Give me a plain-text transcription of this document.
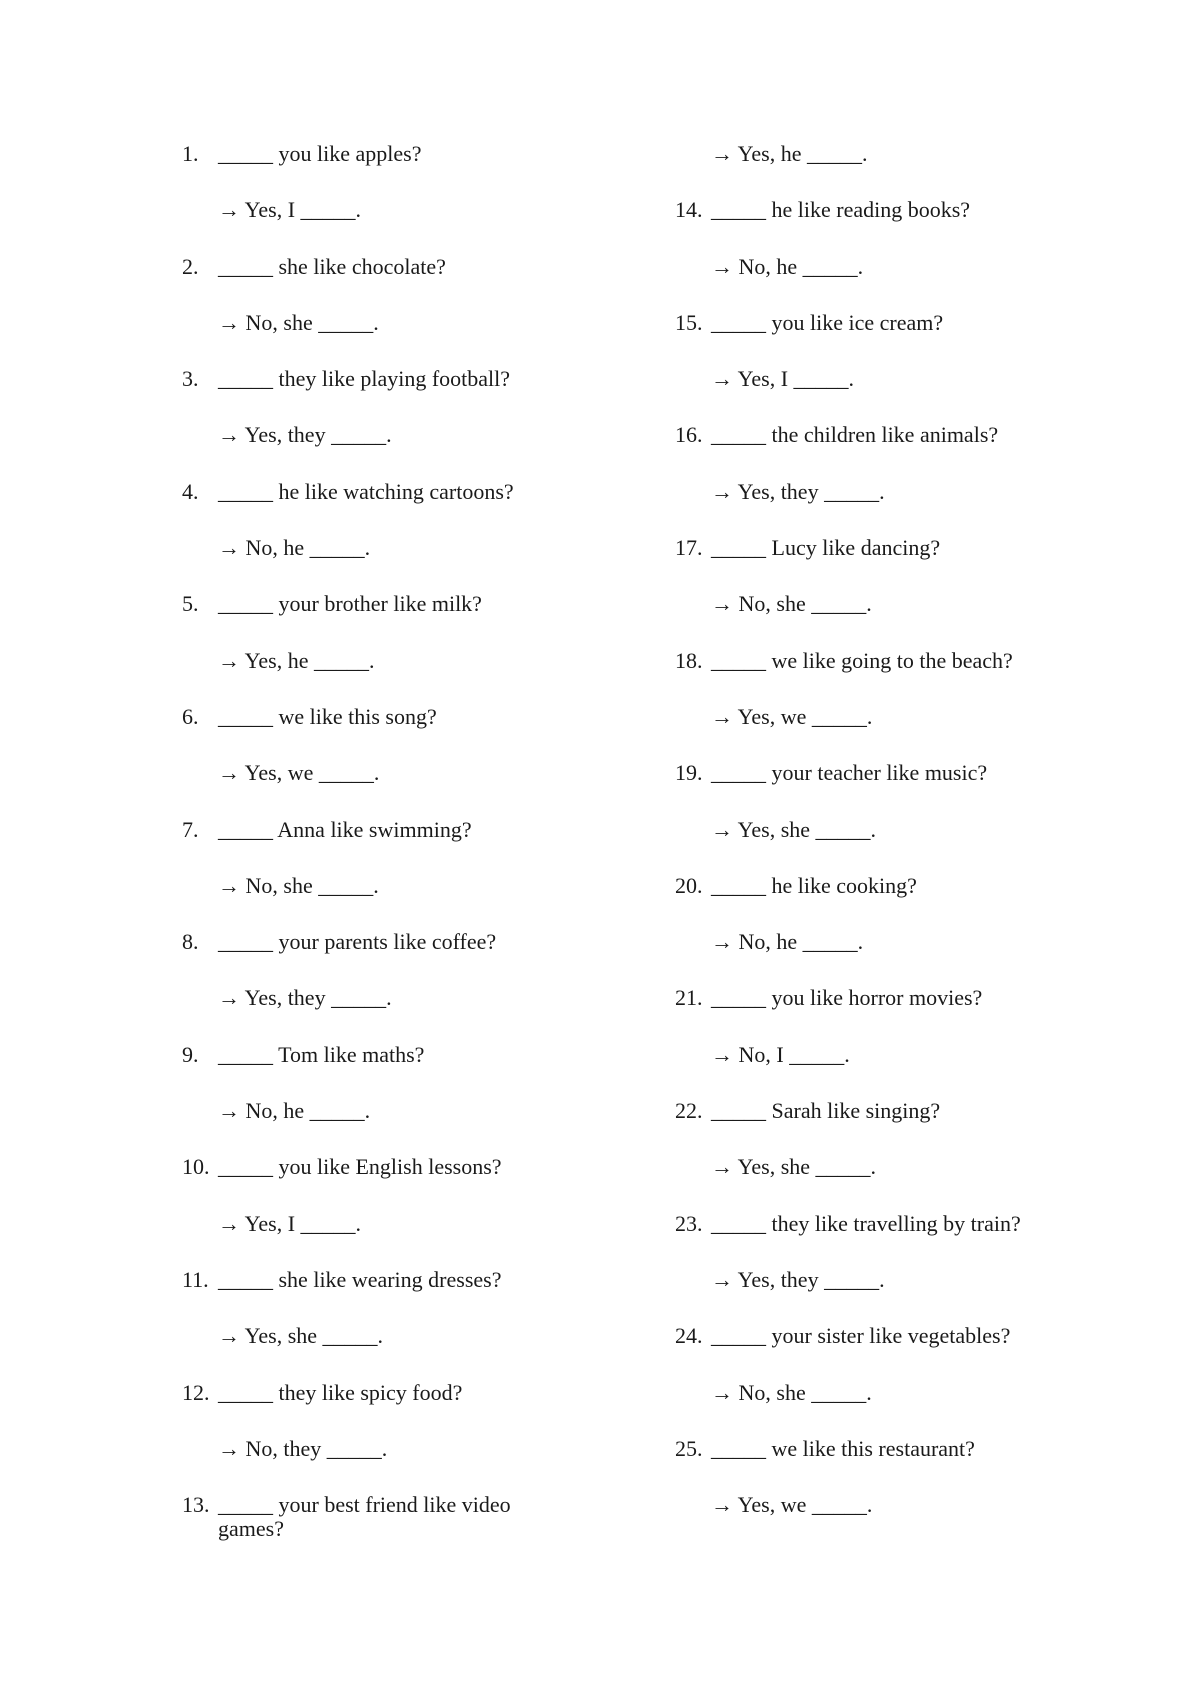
1. _____ you like apples?
→ Yes, I _____.
2. _____ she like chocolate?
→ No, she _____.
3. _____ they like playing football?
→ Yes, they _____.
4. _____ he like watching cartoons?
→ No, he _____.
5. _____ your brother like milk?
→ Yes, he _____.
6. _____ we like this song?
→ Yes, we _____.
7. _____ Anna like swimming?
→ No, she _____.
8. _____ your parents like coffee?
→ Yes, they _____.
9. _____ Tom like maths?
→ No, he _____.
10. _____ you like English lessons?
→ Yes, I _____.
11. _____ she like wearing dresses?
→ Yes, she _____.
12. _____ they like spicy food?
→ No, they _____.
13. _____ your best friend like video games?
→ Yes, he _____.
14. _____ he like reading books?
→ No, he _____.
15. _____ you like ice cream?
→ Yes, I _____.
16. _____ the children like animals?
→ Yes, they _____.
17. _____ Lucy like dancing?
→ No, she _____.
18. _____ we like going to the beach?
→ Yes, we _____.
19. _____ your teacher like music?
→ Yes, she _____.
20. _____ he like cooking?
→ No, he _____.
21. _____ you like horror movies?
→ No, I _____.
22. _____ Sarah like singing?
→ Yes, she _____.
23. _____ they like travelling by train?
→ Yes, they _____.
24. _____ your sister like vegetables?
→ No, she _____.
25. _____ we like this restaurant?
→ Yes, we _____.
